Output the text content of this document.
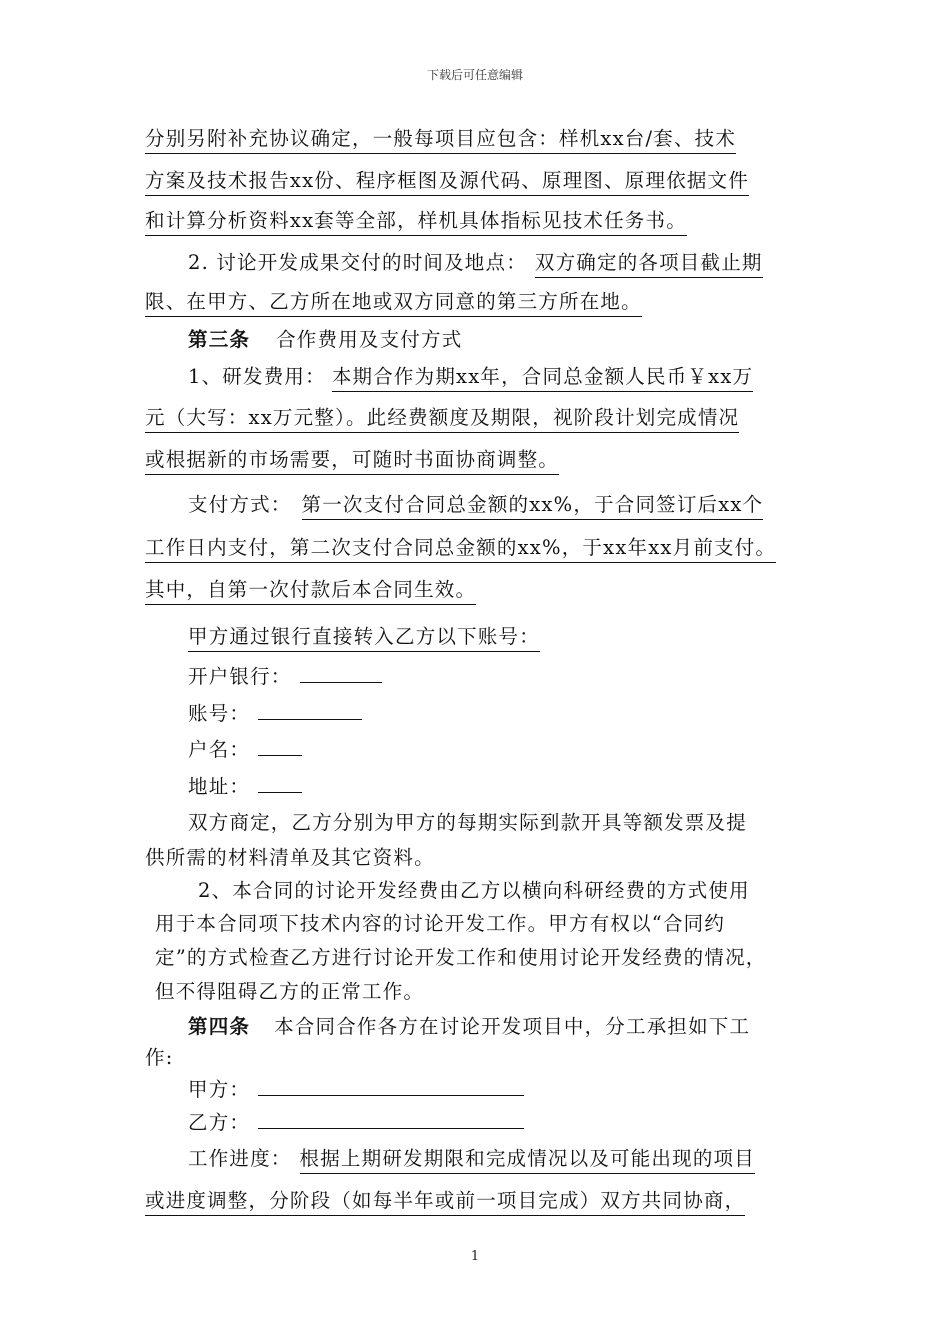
下载后可任意编辑
分别另附补充协议确定，一般每项目应包含：样机xx台/套、技术
方案及技术报告xx份、程序框图及源代码、原理图、原理依据文件
和计算分析资料xx套等全部，样机具体指标见技术任务书。
2. 讨论开发成果交付的时间及地点： 双方确定的各项目截止期
限、在甲方、乙方所在地或双方同意的第三方所在地。
第三条 合作费用及支付方式
1、研发费用： 本期合作为期xx年，合同总金额人民币￥xx万
元（大写：xx万元整）。此经费额度及期限，视阶段计划完成情况
或根据新的市场需要，可随时书面协商调整。
支付方式： 第一次支付合同总金额的xx%，于合同签订后xx个
工作日内支付，第二次支付合同总金额的xx%，于xx年xx月前支付。
其中，自第一次付款后本合同生效。
甲方通过银行直接转入乙方以下账号：
开户银行：
账号：
户名：
地址：
双方商定，乙方分别为甲方的每期实际到款开具等额发票及提
供所需的材料清单及其它资料。
2、本合同的讨论开发经费由乙方以横向科研经费的方式使用
用于本合同项下技术内容的讨论开发工作。甲方有权以“合同约
定”的方式检查乙方进行讨论开发工作和使用讨论开发经费的情况，
但不得阻碍乙方的正常工作。
第四条 本合同合作各方在讨论开发项目中，分工承担如下工
作:
甲方：
乙方：
工作进度： 根据上期研发期限和完成情况以及可能出现的项目
或进度调整，分阶段（如每半年或前一项目完成）双方共同协商，
1
